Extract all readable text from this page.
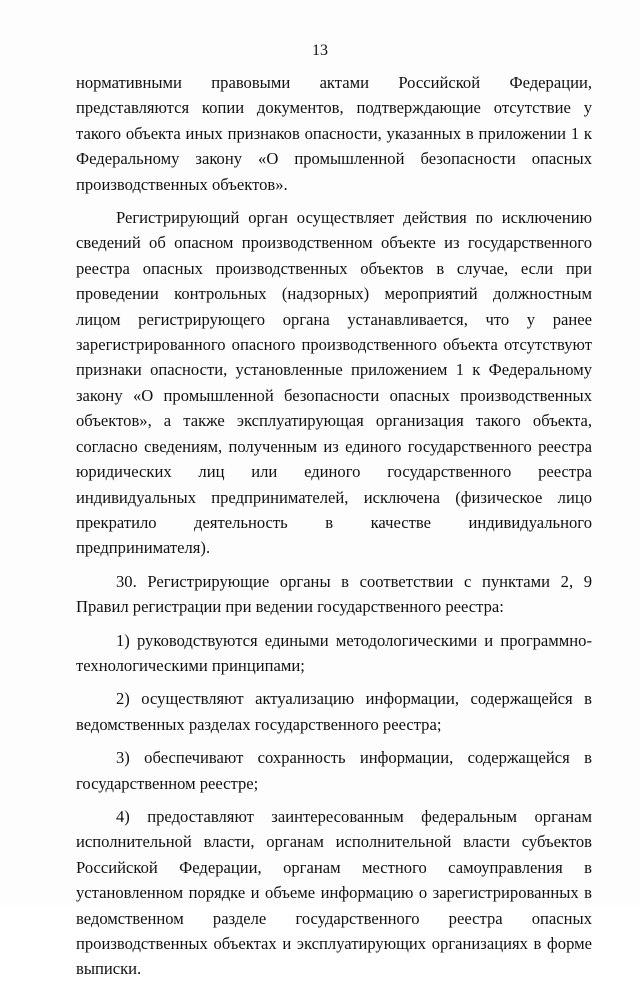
13

нормативными правовыми актами Российской Федерации, представляются копии документов, подтверждающие отсутствие у такого объекта иных признаков опасности, указанных в приложении 1 к Федеральному закону «О промышленной безопасности опасных производственных объектов».

Регистрирующий орган осуществляет действия по исключению сведений об опасном производственном объекте из государственного реестра опасных производственных объектов в случае, если при проведении контрольных (надзорных) мероприятий должностным лицом регистрирующего органа устанавливается, что у ранее зарегистрированного опасного производственного объекта отсутствуют признаки опасности, установленные приложением 1 к Федеральному закону «О промышленной безопасности опасных производственных объектов», а также эксплуатирующая организация такого объекта, согласно сведениям, полученным из единого государственного реестра юридических лиц или единого государственного реестра индивидуальных предпринимателей, исключена (физическое лицо прекратило деятельность в качестве индивидуального предпринимателя).

30. Регистрирующие органы в соответствии с пунктами 2, 9 Правил регистрации при ведении государственного реестра:

1) руководствуются едиными методологическими и программно-технологическими принципами;

2) осуществляют актуализацию информации, содержащейся в ведомственных разделах государственного реестра;

3) обеспечивают сохранность информации, содержащейся в государственном реестре;

4) предоставляют заинтересованным федеральным органам исполнительной власти, органам исполнительной власти субъектов Российской Федерации, органам местного самоуправления в установленном порядке и объеме информацию о зарегистрированных в ведомственном разделе государственного реестра опасных производственных объектах и эксплуатирующих организациях в форме выписки.
